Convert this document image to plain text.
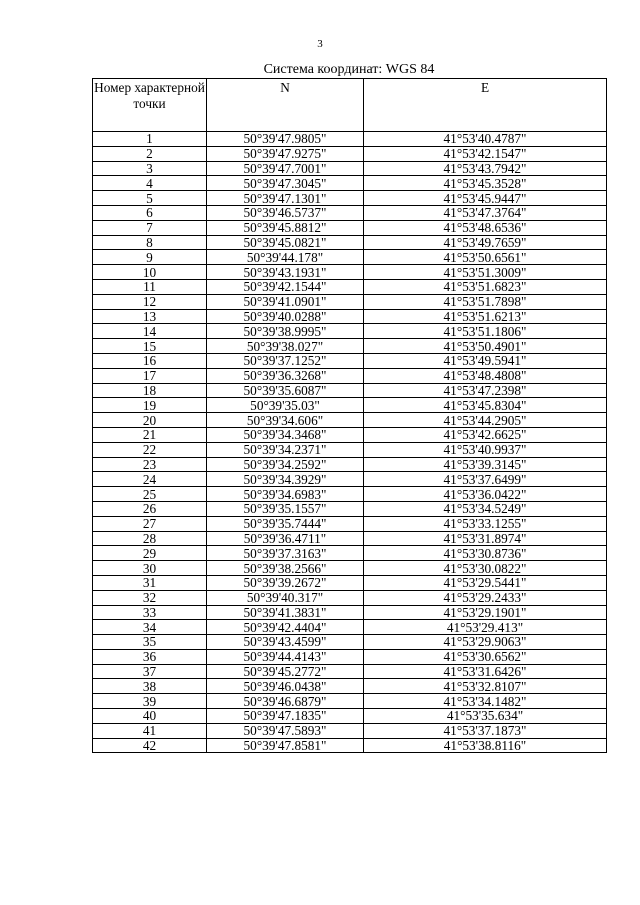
3
Система координат: WGS 84
Номер характерной точки	N	E
1	50°39'47.9805"	41°53'40.4787"
2	50°39'47.9275"	41°53'42.1547"
3	50°39'47.7001"	41°53'43.7942"
4	50°39'47.3045"	41°53'45.3528"
5	50°39'47.1301"	41°53'45.9447"
6	50°39'46.5737"	41°53'47.3764"
7	50°39'45.8812"	41°53'48.6536"
8	50°39'45.0821"	41°53'49.7659"
9	50°39'44.178"	41°53'50.6561"
10	50°39'43.1931"	41°53'51.3009"
11	50°39'42.1544"	41°53'51.6823"
12	50°39'41.0901"	41°53'51.7898"
13	50°39'40.0288"	41°53'51.6213"
14	50°39'38.9995"	41°53'51.1806"
15	50°39'38.027"	41°53'50.4901"
16	50°39'37.1252"	41°53'49.5941"
17	50°39'36.3268"	41°53'48.4808"
18	50°39'35.6087"	41°53'47.2398"
19	50°39'35.03"	41°53'45.8304"
20	50°39'34.606"	41°53'44.2905"
21	50°39'34.3468"	41°53'42.6625"
22	50°39'34.2371"	41°53'40.9937"
23	50°39'34.2592"	41°53'39.3145"
24	50°39'34.3929"	41°53'37.6499"
25	50°39'34.6983"	41°53'36.0422"
26	50°39'35.1557"	41°53'34.5249"
27	50°39'35.7444"	41°53'33.1255"
28	50°39'36.4711"	41°53'31.8974"
29	50°39'37.3163"	41°53'30.8736"
30	50°39'38.2566"	41°53'30.0822"
31	50°39'39.2672"	41°53'29.5441"
32	50°39'40.317"	41°53'29.2433"
33	50°39'41.3831"	41°53'29.1901"
34	50°39'42.4404"	41°53'29.413"
35	50°39'43.4599"	41°53'29.9063"
36	50°39'44.4143"	41°53'30.6562"
37	50°39'45.2772"	41°53'31.6426"
38	50°39'46.0438"	41°53'32.8107"
39	50°39'46.6879"	41°53'34.1482"
40	50°39'47.1835"	41°53'35.634"
41	50°39'47.5893"	41°53'37.1873"
42	50°39'47.8581"	41°53'38.8116"
